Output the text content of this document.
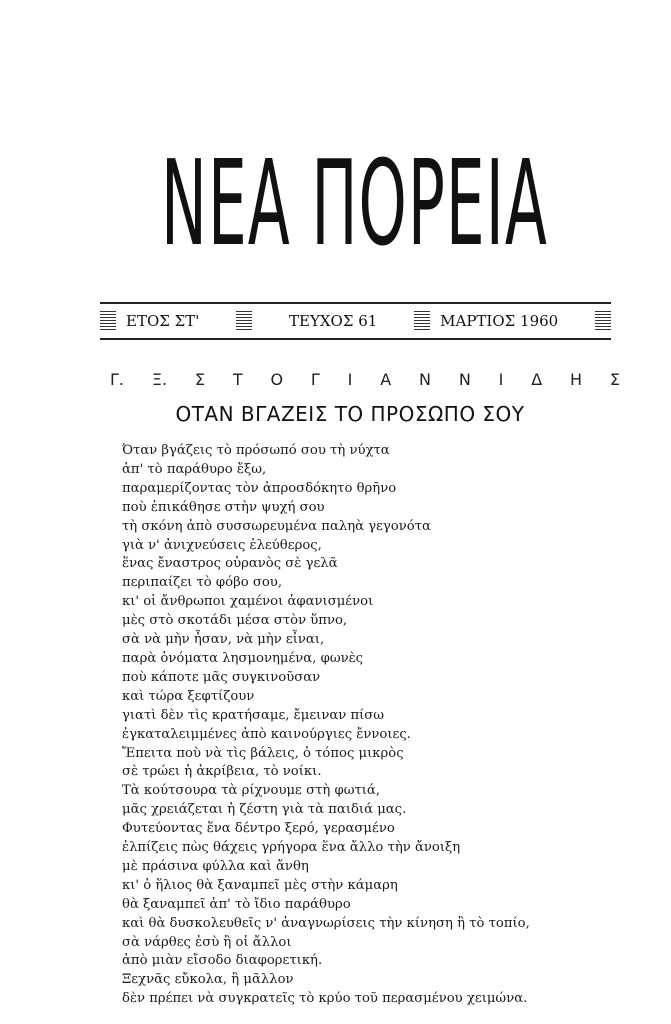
ΝΕΑ ΠΟΡΕΙΑ
ΕΤΟΣ ΣΤ'	ΤΕΥΧΟΣ 61	ΜΑΡΤΙΟΣ 1960
Γ. Ξ. Σ Τ Ο Γ Ι Α Ν Ν Ι Δ Η Σ
ΟΤΑΝ ΒΓΑΖΕΙΣ ΤΟ ΠΡΟΣΩΠΟ ΣΟΥ
Όταν βγάζεις τὸ πρόσωπό σου τὴ νύχτα
ἀπ' τὸ παράθυρο ἔξω,
παραμερίζοντας τὸν ἀπροσδόκητο θρῆνο
ποὺ ἐπικάθησε στὴν ψυχή σου
τὴ σκόνη ἀπὸ συσσωρευμένα παληὰ γεγονότα
γιὰ ν' ἀνιχνεύσεις ἐλεύθερος,
ἕνας ἔναστρος οὐρανὸς σὲ γελᾶ
περιπαίζει τὸ φόβο σου,
κι' οἱ ἄνθρωποι χαμένοι ἀφανισμένοι
μὲς στὸ σκοτάδι μέσα στὸν ὕπνο,
σὰ νὰ μὴν ἦσαν, νὰ μὴν εἶναι,
παρὰ ὀνόματα λησμονημένα, φωνὲς
ποὺ κάποτε μᾶς συγκινοῦσαν
καὶ τώρα ξεφτίζουν
γιατὶ δὲν τὶς κρατήσαμε, ἔμειναν πίσω
ἐγκαταλειμμένες ἀπὸ καινούργιες ἔννοιες.
Ἔπειτα ποὺ νὰ τὶς βάλεις, ὁ τόπος μικρὸς
σὲ τρώει ἡ ἀκρίβεια, τὸ νοίκι.
Τὰ κούτσουρα τὰ ρίχνουμε στὴ φωτιά,
μᾶς χρειάζεται ἡ ζέστη γιὰ τὰ παιδιά μας.
Φυτεύοντας ἕνα δέντρο ξερό, γερασμένο
ἐλπίζεις πὼς θάχεις γρήγορα ἕνα ἄλλο τὴν ἄνοιξη
μὲ πράσινα φύλλα καὶ ἄνθη
κι' ὁ ἥλιος θὰ ξαναμπεῖ μὲς στὴν κάμαρη
θὰ ξαναμπεῖ ἀπ' τὸ ἴδιο παράθυρο
καὶ θὰ δυσκολευθεῖς ν' ἀναγνωρίσεις τὴν κίνηση ἢ τὸ τοπίο,
σὰ νάρθες ἐσὺ ἢ οἱ ἄλλοι
ἀπὸ μιὰν εἴσοδο διαφορετική.
Ξεχνᾶς εὔκολα, ἢ μᾶλλον
δὲν πρέπει νὰ συγκρατεῖς τὸ κρύο τοῦ περασμένου χειμώνα.
